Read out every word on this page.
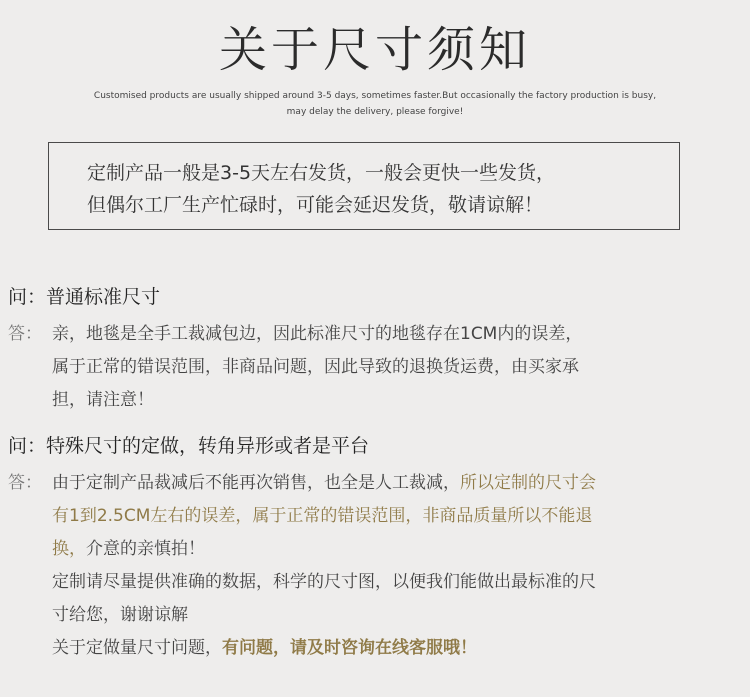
关于尺寸须知
Customised products are usually shipped around 3-5 days, sometimes faster.But occasionally the factory production is busy,
may delay the delivery, please forgive!

定制产品一般是3-5天左右发货，一般会更快一些发货，

但偶尔工厂生产忙碌时，可能会延迟发货，敬请谅解！

问：普通标准尺寸
答： 亲，地毯是全手工裁减包边，因此标准尺寸的地毯存在1CM内的误差，
属于正常的错误范围，非商品问题，因此导致的退换货运费，由买家承
担，请注意！
问：特殊尺寸的定做，转角异形或者是平台
答： 由于定制产品裁减后不能再次销售，也全是人工裁减，所以定制的尺寸会
有1到2.5CM左右的误差，属于正常的错误范围，非商品质量所以不能退
换，介意的亲慎拍！
定制请尽量提供准确的数据，科学的尺寸图，以便我们能做出最标准的尺
寸给您，谢谢谅解
关于定做量尺寸问题，有问题，请及时咨询在线客服哦！
